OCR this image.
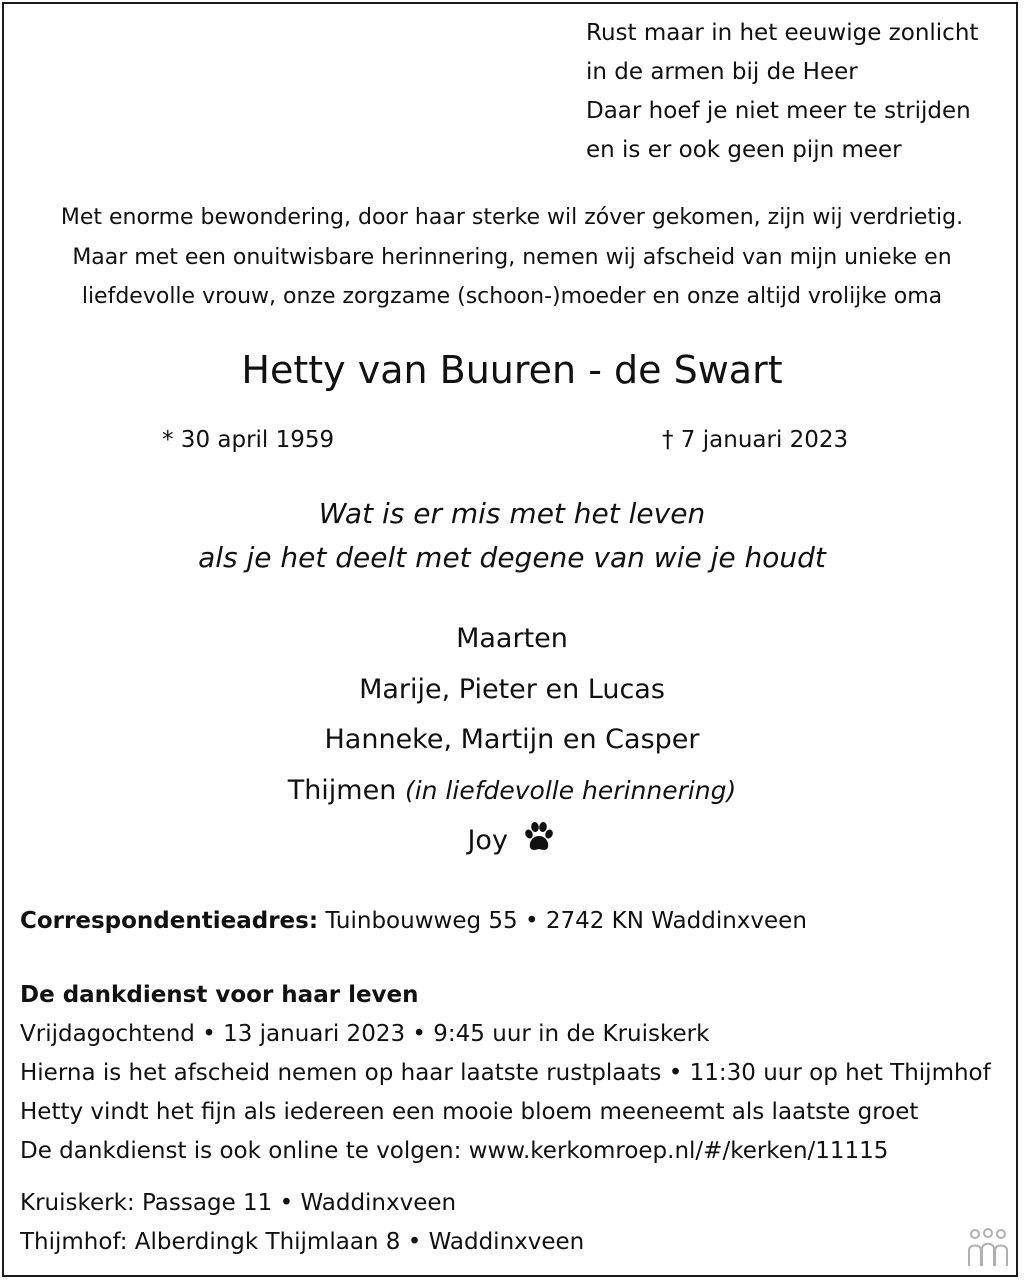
Rust maar in het eeuwige zonlicht
in de armen bij de Heer
Daar hoef je niet meer te strijden
en is er ook geen pijn meer
Met enorme bewondering, door haar sterke wil zóver gekomen, zijn wij verdrietig.
Maar met een onuitwisbare herinnering, nemen wij afscheid van mijn unieke en
liefdevolle vrouw, onze zorgzame (schoon-)moeder en onze altijd vrolijke oma
Hetty van Buuren - de Swart
* 30 april 1959	† 7 januari 2023
Wat is er mis met het leven
als je het deelt met degene van wie je houdt
Maarten
Marije, Pieter en Lucas
Hanneke, Martijn en Casper
Thijmen (in liefdevolle herinnering)
Joy
Correspondentieadres: Tuinbouwweg 55 • 2742 KN Waddinxveen
De dankdienst voor haar leven
Vrijdagochtend • 13 januari 2023 • 9:45 uur in de Kruiskerk
Hierna is het afscheid nemen op haar laatste rustplaats • 11:30 uur op het Thijmhof
Hetty vindt het fijn als iedereen een mooie bloem meeneemt als laatste groet
De dankdienst is ook online te volgen: www.kerkomroep.nl/#/kerken/11115
Kruiskerk: Passage 11 • Waddinxveen
Thijmhof: Alberdingk Thijmlaan 8 • Waddinxveen
